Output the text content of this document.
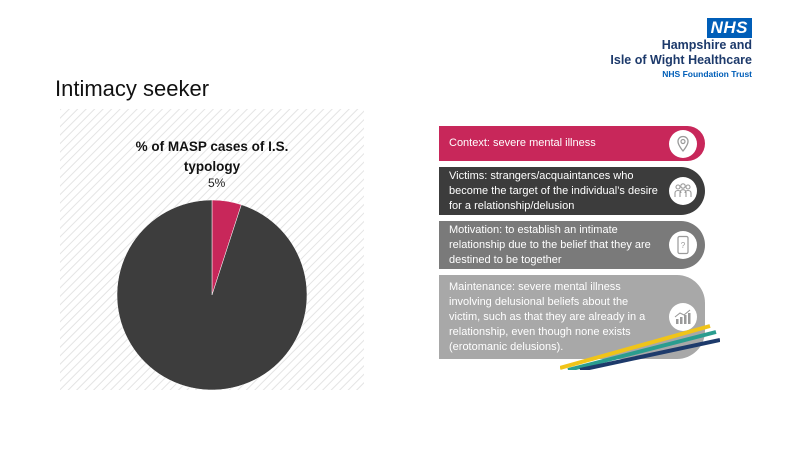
NHS
Hampshire and
Isle of Wight Healthcare
NHS Foundation Trust
Intimacy seeker
5%
% of MASP cases of I.S.
typology
Context: severe mental illness
Victims: strangers/acquaintances who become the target of the individual’s desire for a relationship/delusion
Motivation: to establish an intimate relationship due to the belief that they are destined to be together
?
Maintenance: severe mental illness involving delusional beliefs about the victim, such as that they are already in a relationship, even though none exists (erotomanic delusions).
